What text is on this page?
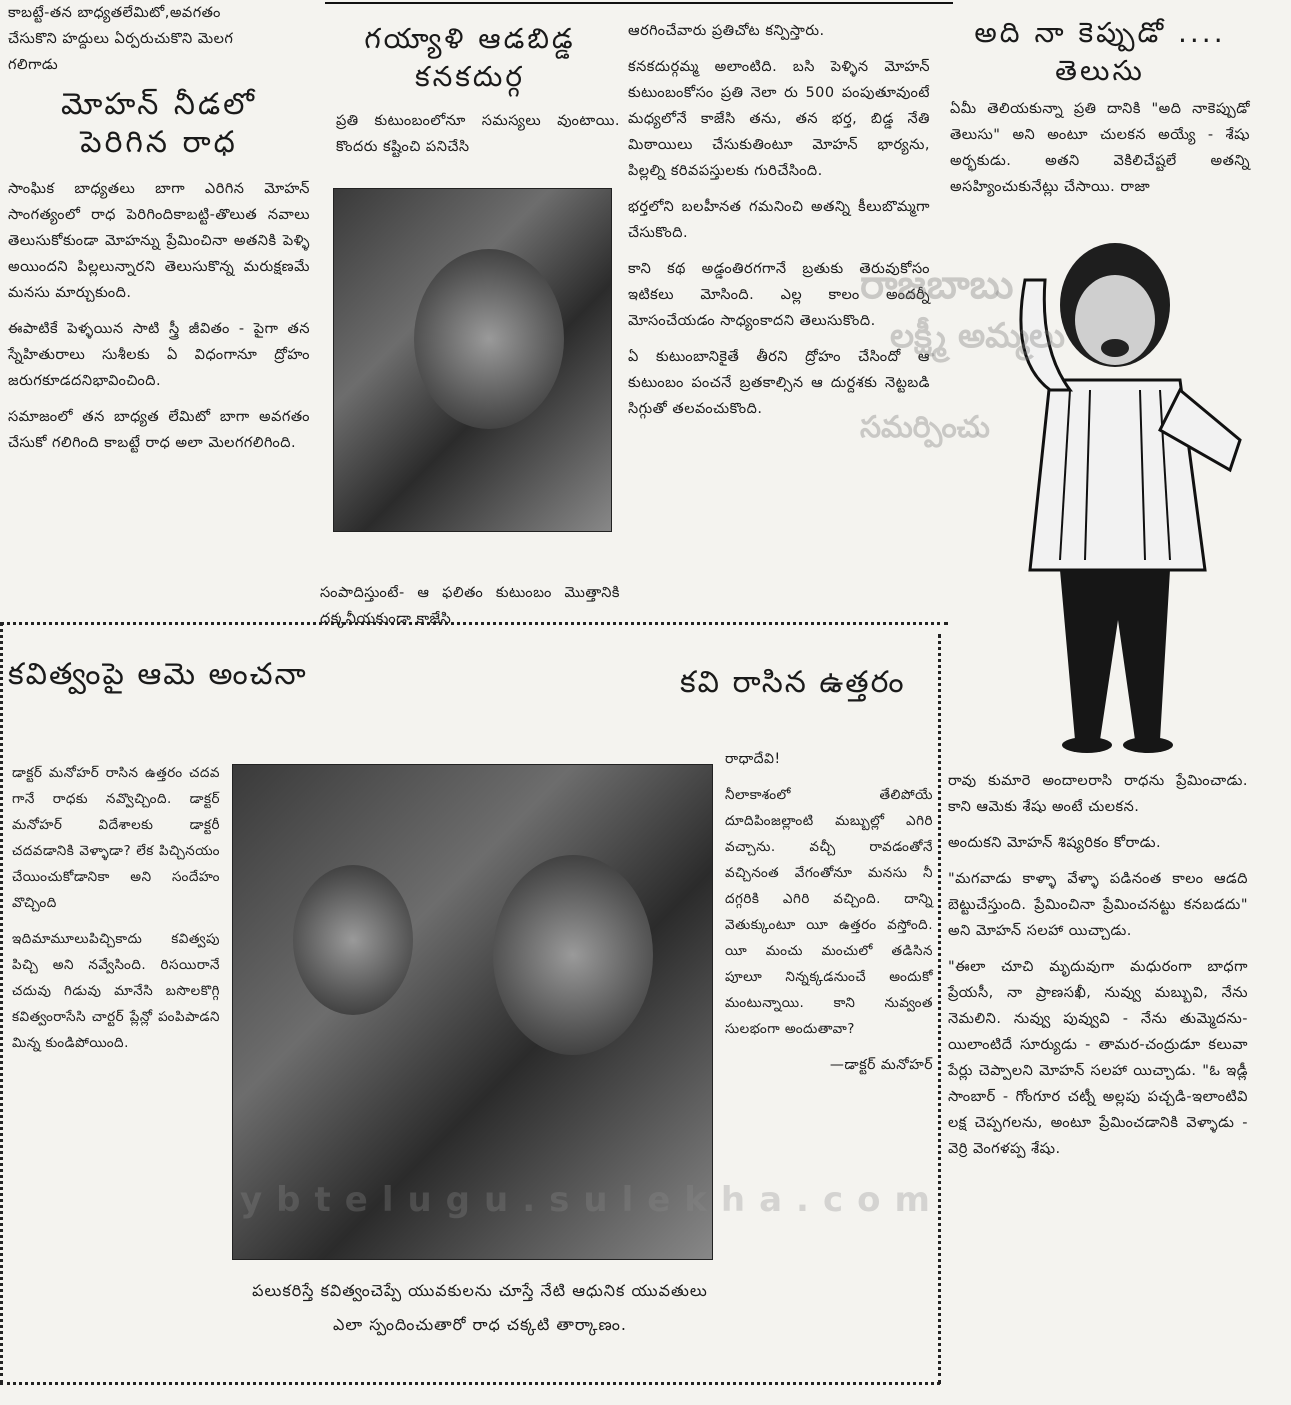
కాబట్టే-తన బాధ్యతలేమిటో,అవగతం

చేసుకొని హద్దులు ఏర్పరుచుకొని మెలగ

గలిగాడు

మోహన్ నీడలో పెరిగిన రాధ

సాంఘిక బాధ్యతలు బాగా ఎరిగిన మోహన్ సాంగత్యంలో రాధ పెరిగిందికాబట్టి-తొలుత నవాలు తెలుసుకోకుండా మోహన్ను ప్రేమించినా అతనికి పెళ్ళి అయిందని పిల్లలున్నారని తెలుసుకొన్న మరుక్షణమే మనసు మార్చుకుంది.

ఈపాటికే పెళ్ళయిన సాటి స్త్రీ జీవితం - పైగా తన స్నేహితురాలు సుశీలకు ఏ విధంగానూ ద్రోహం జరుగకూడదనిభావించింది.

సమాజంలో తన బాధ్యత లేమిటో బాగా అవగతం చేసుకో గలిగింది కాబట్టే రాధ అలా మెలగగలిగింది.

గయ్యాళి ఆడబిడ్డ కనకదుర్గ

ప్రతి కుటుంబంలోనూ సమస్యలు వుంటాయి. కొందరు కష్టించి పనిచేసి

సంపాదిస్తుంటే- ఆ ఫలితం కుటుంబం మొత్తానికి దక్కనీయకుండా కాజేసి

ఆరగించేవారు ప్రతిచోట కన్పిస్తారు.

కనకదుర్గమ్మ అలాంటిది. బసి పెళ్ళిన మోహన్ కుటుంబంకోసం ప్రతి నెలా రు 500 పంపుతూవుంటే మధ్యలోనే కాజేసి తను, తన భర్త, బిడ్డ నేతి మిఠాయిలు చేసుకుతింటూ మోహన్ భార్యను, పిల్లల్ని కరివపస్తులకు గురిచేసింది.

భర్తలోని బలహీనత గమనించి అతన్ని కీలుబొమ్మగా చేసుకొంది.

కాని కథ అడ్డంతిరగగానే బ్రతుకు తెరువుకోసం ఇటికలు మోసింది. ఎల్ల కాలం అందర్నీ మోసంచేయడం సాధ్యంకాదని తెలుసుకొంది.

ఏ కుటుంబానికైతే తీరని ద్రోహం చేసిందో ఆ కుటుంబం పంచనే బ్రతకాల్సిన ఆ దుర్దశకు నెట్టబడి సిగ్గుతో తలవంచుకొంది.

అది నా కెప్పుడో ....
తెలుసు

ఏమీ తెలియకున్నా ప్రతి దానికి "అది నాకెప్పుడో తెలుసు" అని అంటూ చులకన అయ్యే - శేషు అర్భకుడు. అతని వెకిలిచేష్టలే అతన్ని అసహ్యించుకునేట్లు చేసాయి. రాజా

రాజబాబు
లక్ష్మీ అమ్మలు
సమర్పించు
కవిత్వంపై ఆమె అంచనా	కవి రాసిన ఉత్తరం

డాక్టర్ మనోహర్ రాసిన ఉత్తరం చదవ గానే రాధకు నవ్వొచ్చింది. డాక్టర్ మనోహర్ విదేశాలకు డాక్టరీ చదవడానికి వెళ్ళాడా? లేక పిచ్చినయం చేయించుకోడానికా అని సందేహం వొచ్చింది

ఇదిమామూలుపిచ్చికాదు కవిత్వపు పిచ్చి అని నవ్వేసింది. రిసయిరానే చదువు గిడువు మానేసి బసొలకొగ్గి కవిత్వంరాసేసి చార్టర్ ప్లేన్లో పంపిపాడని మిన్న కుండిపోయింది.

రాధాదేవి!

నీలాకాశంలో తేలిపోయే దూదిపింజల్లాంటి మబ్బుల్లో ఎగిరి వచ్చాను. వచ్చీ రావడంతోనే వచ్చినంత వేగంతోనూ మనసు నీ దగ్గరికి ఎగిరి వచ్చింది. దాన్ని వెతుక్కుంటూ యీ ఉత్తరం వస్తోంది. యీ మంచు మంచులో తడిసిన పూలూ నిన్నక్కడనుంచే అందుకో మంటున్నాయి. కాని నువ్వంత సులభంగా అందుతావా?

—డాక్టర్ మనోహర్

పలుకరిస్తే కవిత్వంచెప్పే యువకులను చూస్తే నేటి ఆధునిక యువతులు

ఎలా స్పందించుతారో రాధ చక్కటి తార్కాణం.

రావు కుమారె అందాలరాసి రాధను ప్రేమించాడు. కాని ఆమెకు శేషు అంటే చులకన.

అందుకని మోహన్ శిష్యరికం కోరాడు.

"మగవాడు కాళ్ళా వేళ్ళా పడినంత కాలం ఆడది బెట్టుచేస్తుంది. ప్రేమించినా ప్రేమించనట్టు కనబడదు" అని మోహన్ సలహా యిచ్చాడు.

"ఈలా చూచి మృదువుగా మధురంగా బాధగా ప్రేయసీ, నా ప్రాణసఖీ, నువ్వు మబ్బువి, నేను నెమలిని. నువ్వు పువ్వువి - నేను తుమ్మెదను-యిలాంటిదే సూర్యుడు - తామర-చంద్రుడూ కలువా పేర్లు చెప్పాలని మోహన్ సలహా యిచ్చాడు. "ఓ ఇడ్లీ సాంబార్ - గోంగూర చట్నీ అల్లపు పచ్చడి-ఇలాంటివి లక్ష చెప్పగలను, అంటూ ప్రేమించడానికి వెళ్ళాడు - వెర్రి వెంగళప్ప శేషు.

ybtelugu.sulekha.com
